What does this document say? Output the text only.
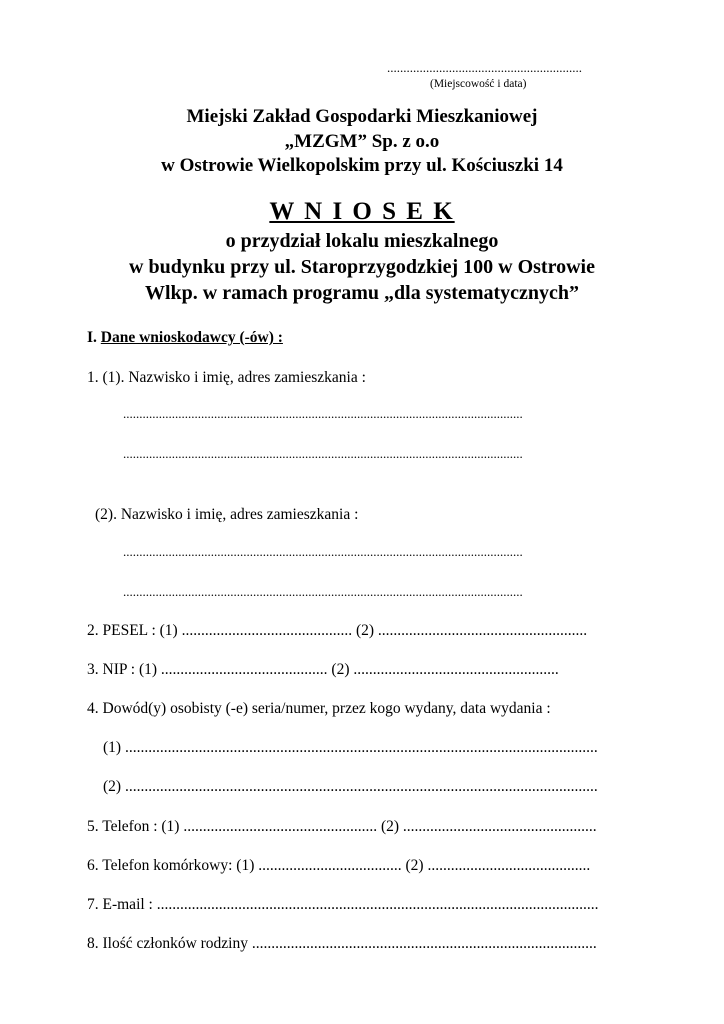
............................................................
(Miejscowość i data)
Miejski Zakład Gospodarki Mieszkaniowej
„MZGM” Sp. z o.o
w Ostrowie Wielkopolskim przy ul. Kościuszki 14
W N I O S E K
o przydział lokalu mieszkalnego
w budynku przy ul. Staroprzygodzkiej 100 w Ostrowie
Wlkp. w ramach programu „dla systematycznych”
I. Dane wnioskodawcy (-ów) :
1. (1). Nazwisko i imię, adres zamieszkania :
...........................................................................................................................
...........................................................................................................................
(2). Nazwisko i imię, adres zamieszkania :
...........................................................................................................................
...........................................................................................................................
2. PESEL : (1) ............................................ (2) ......................................................
3. NIP : (1) ........................................... (2) .....................................................
4. Dowód(y) osobisty (-e) seria/numer, przez kogo wydany, data wydania :
(1) ..........................................................................................................................
(2) ..........................................................................................................................
5. Telefon : (1) .................................................. (2) ..................................................
6. Telefon komórkowy: (1) ..................................... (2) ..........................................
7. E-mail : ..................................................................................................................
8. Ilość członków rodziny .........................................................................................
